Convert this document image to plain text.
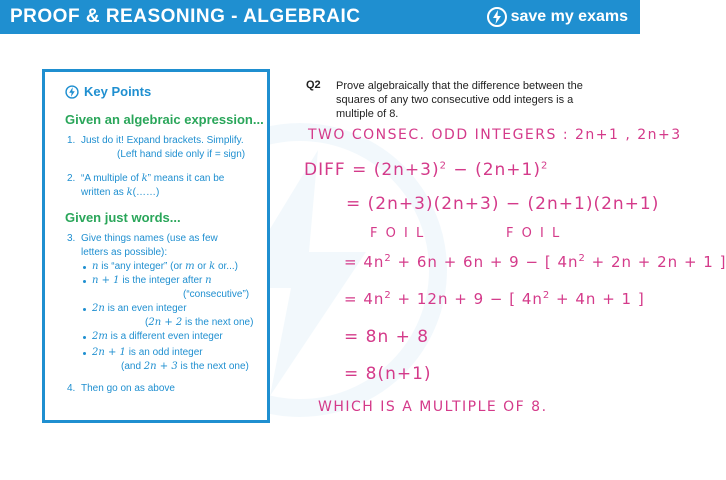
PROOF & REASONING - ALGEBRAIC	save my exams
Key Points
Given an algebraic expression...
1. Just do it! Expand brackets. Simplify.
(Left hand side only if = sign)
2. “A multiple of k” means it can be
written as k(……)
Given just words...
3. Give things names (use as few
letters as possible):
n is “any integer” (or m or k or...)
n + 1 is the integer after n
(“consecutive”)
2n is an even integer
(2n + 2 is the next one)
2m is a different even integer
2n + 1 is an odd integer
(and 2n + 3 is the next one)
4. Then go on as above
Q2 Prove algebraically that the difference between the squares of any two consecutive odd integers is a multiple of 8.
TWO CONSEC. ODD INTEGERS : 2n+1 , 2n+3
DIFF = $(2n+3)^2 - (2n+1)^2$
= (2n+3)(2n+3) − (2n+1)(2n+1)
F O I L	F O I L
= $4n^2 + 6n + 6n + 9$ − [ $4n^2 + 2n + 2n + 1$ ]
= $4n^2 + 12n + 9$ − [ $4n^2 + 4n + 1$ ]
= 8n + 8
= 8(n+1)
WHICH IS A MULTIPLE OF 8.
